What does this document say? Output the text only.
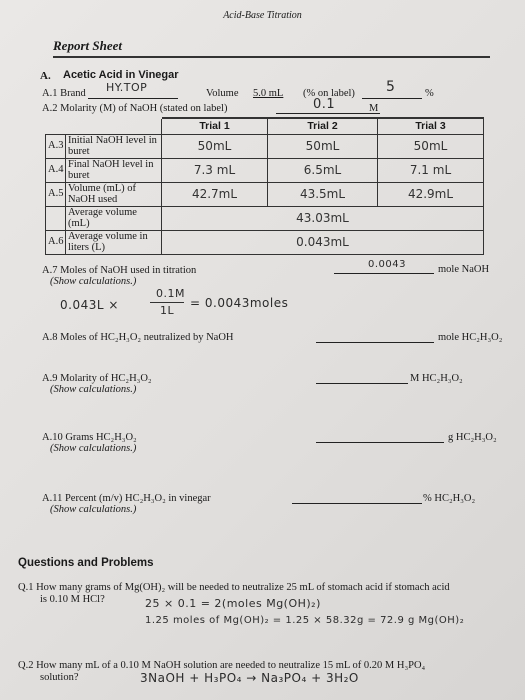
Acid-Base Titration
Report Sheet
A. Acetic Acid in Vinegar
A.1 Brand HY.TOP	Volume 5.0 mL (% on label) 5	%
A.2 Molarity (M) of NaOH (stated on label)	0.1	M
		Trial 1	Trial 2	Trial 3
A.3	Initial NaOH level in buret	50mL	50mL	50mL
A.4	Final NaOH level in buret	7.3 mL	6.5mL	7.1 mL
A.5	Volume (mL) of NaOH used	42.7mL	43.5mL	42.9mL
	Average volume (mL)	43.03mL		
A.6	Average volume in liters (L)	0.043mL		
A.7 Moles of NaOH used in titration
(Show calculations.)
0.0043	mole NaOH
0.043L ×
0.1M
1L
= 0.0043moles
A.8 Moles of HC₂H₃O₂ neutralized by NaOH	mole HC₂H₃O₂
A.9 Molarity of HC₂H₃O₂
(Show calculations.)
M HC₂H₃O₂
A.10 Grams HC₂H₃O₂
(Show calculations.)
g HC₂H₃O₂
A.11 Percent (m/v) HC₂H₃O₂ in vinegar
(Show calculations.)
% HC₂H₃O₂
Questions and Problems
Q.1 How many grams of Mg(OH)₂ will be needed to neutralize 25 mL of stomach acid if stomach acid
is 0.10 M HCl?	25 × 0.1 = 2(moles Mg(OH)₂)
1.25 moles of Mg(OH)₂ = 1.25 × 58.32g = 72.9 g Mg(OH)₂
Q.2 How many mL of a 0.10 M NaOH solution are needed to neutralize 15 mL of 0.20 M H₃PO₄
solution?	3NaOH + H₃PO₄ → Na₃PO₄ + 3H₂O
